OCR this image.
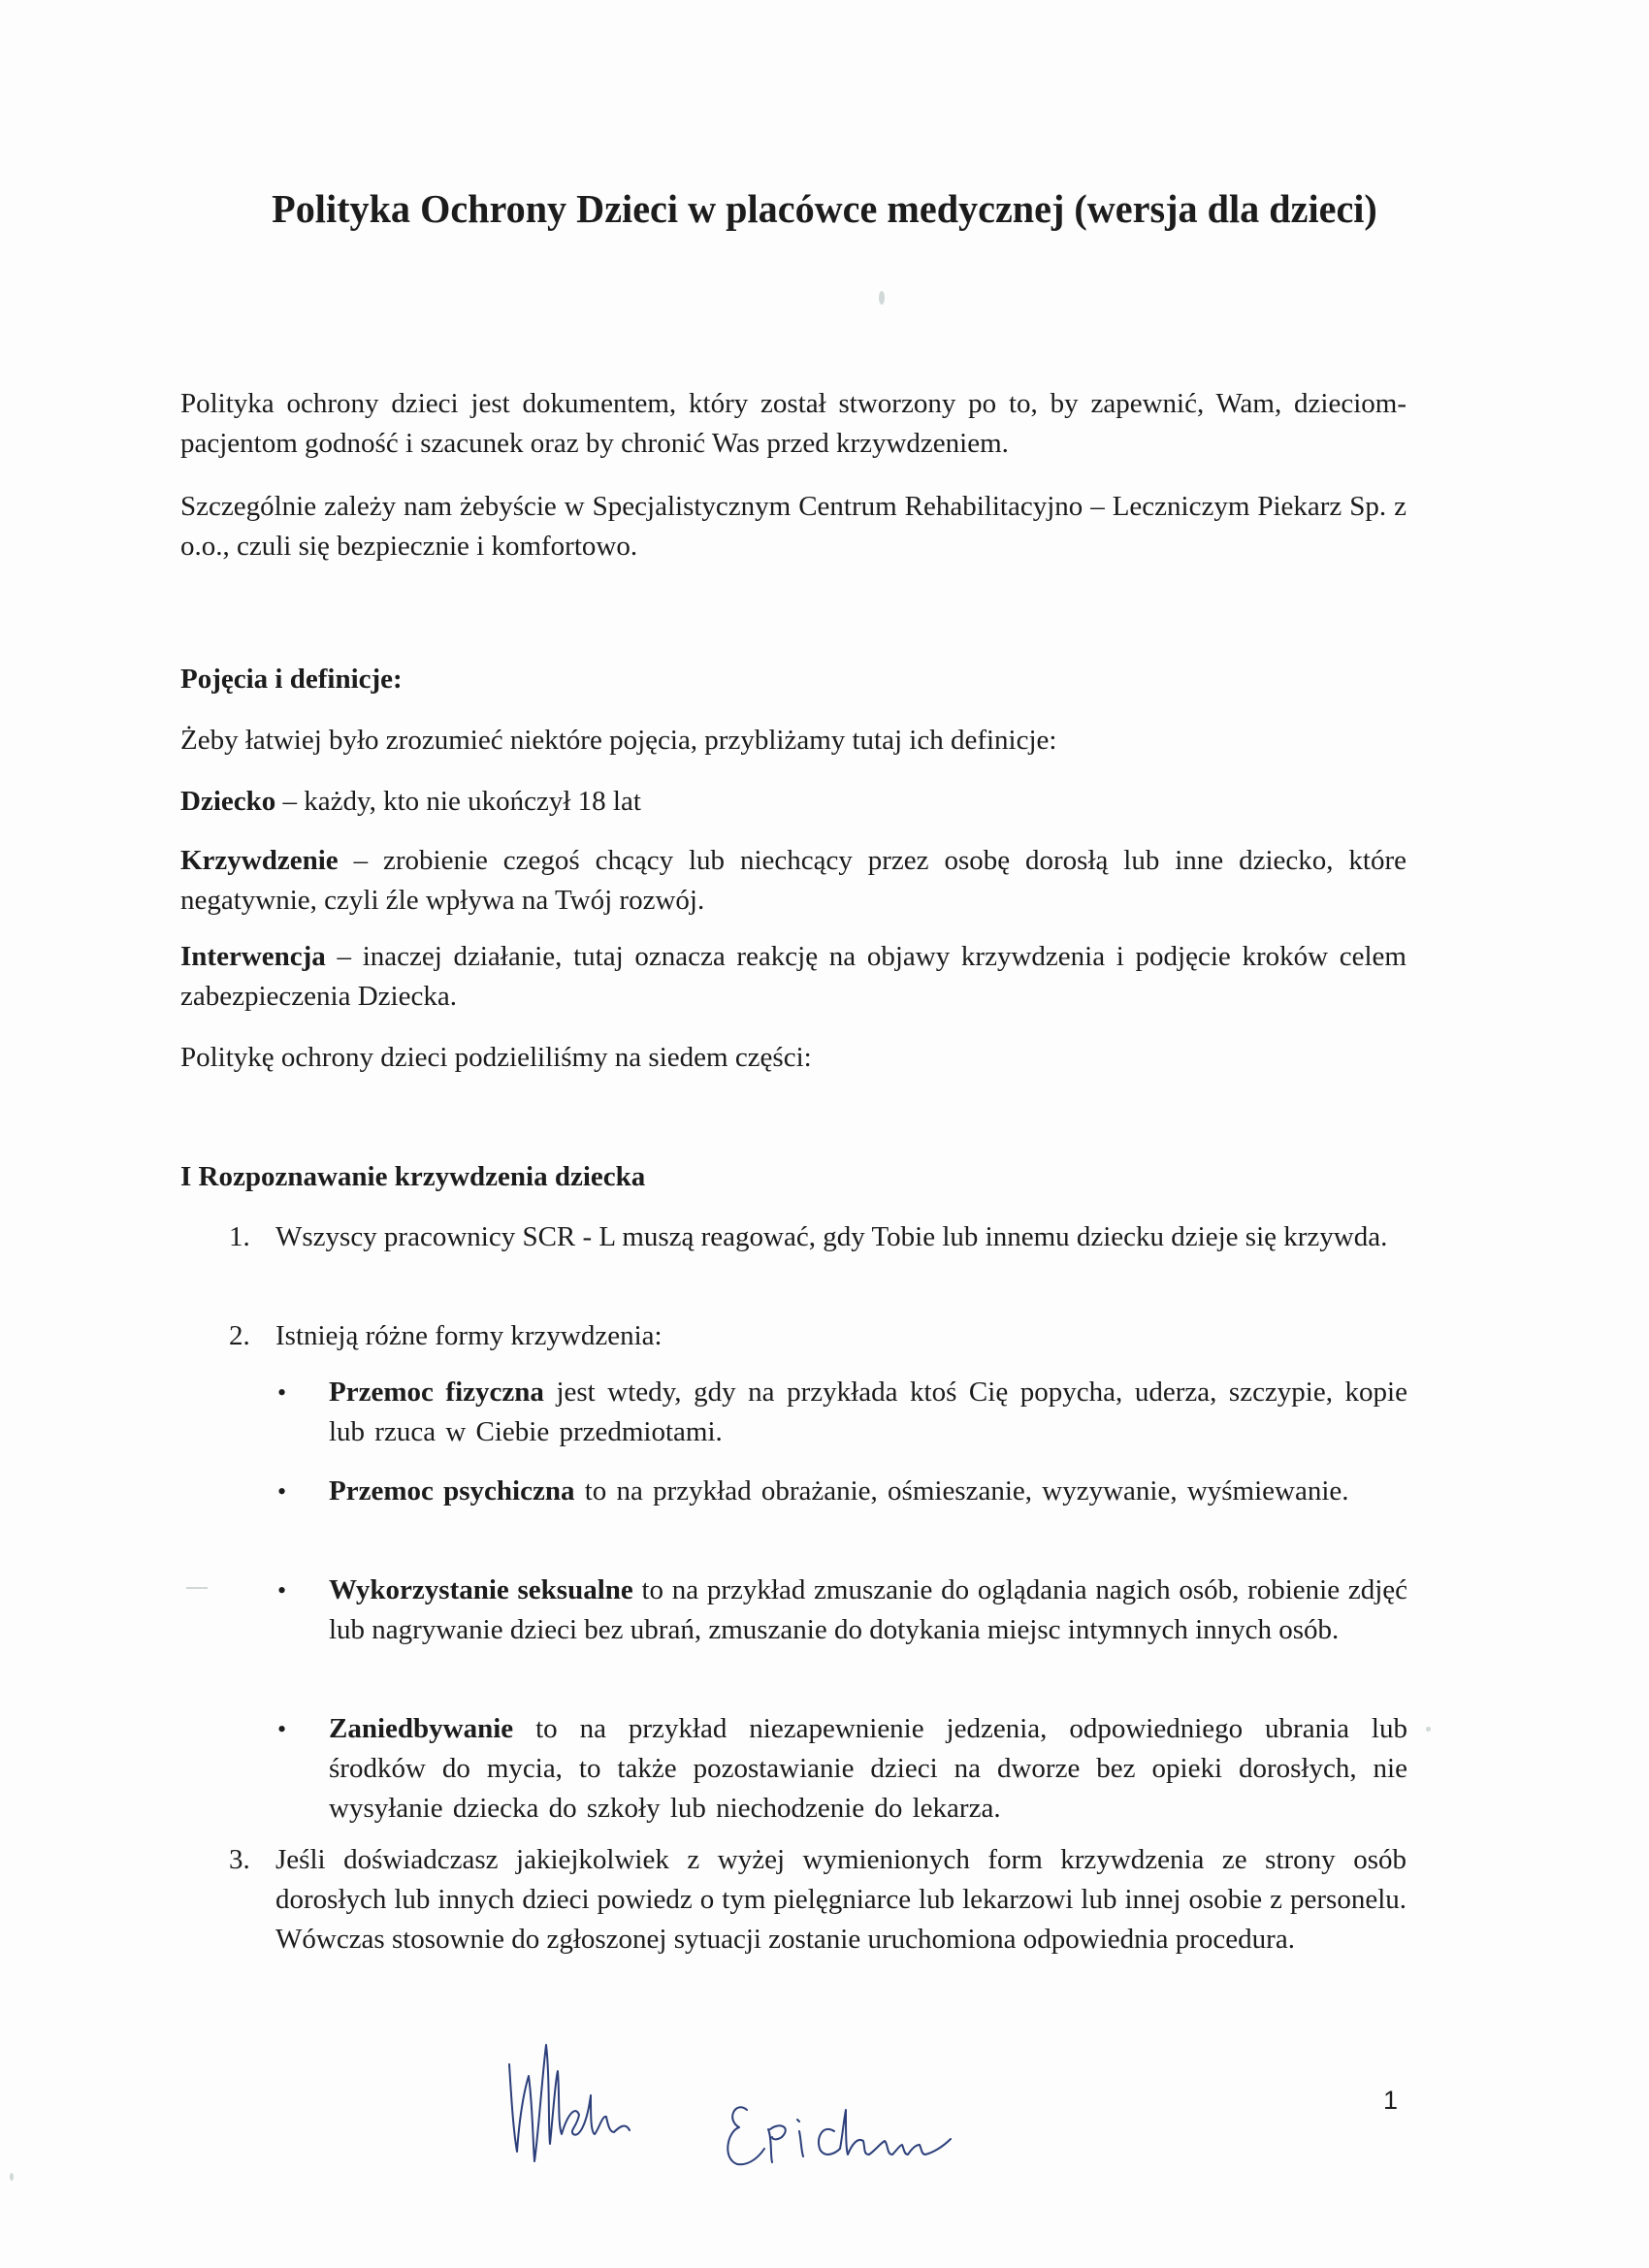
Polityka Ochrony Dzieci w placówce medycznej (wersja dla dzieci)

Polityka ochrony dzieci jest dokumentem, który został stworzony po to, by zapewnić, Wam, dzieciom-pacjentom godność i szacunek oraz by chronić Was przed krzywdzeniem.

Szczególnie zależy nam żebyście w Specjalistycznym Centrum Rehabilitacyjno – Leczniczym Piekarz Sp. z o.o., czuli się bezpiecznie i komfortowo.

Pojęcia i definicje:

Żeby łatwiej było zrozumieć niektóre pojęcia, przybliżamy tutaj ich definicje:

Dziecko – każdy, kto nie ukończył 18 lat

Krzywdzenie – zrobienie czegoś chcący lub niechcący przez osobę dorosłą lub inne dziecko, które negatywnie, czyli źle wpływa na Twój rozwój.

Interwencja – inaczej działanie, tutaj oznacza reakcję na objawy krzywdzenia i podjęcie kroków celem zabezpieczenia Dziecka.

Politykę ochrony dzieci podzieliliśmy na siedem części:

I Rozpoznawanie krzywdzenia dziecka
1. Wszyscy pracownicy SCR - L muszą reagować, gdy Tobie lub innemu dziecku dzieje się krzywda.
2. Istnieją różne formy krzywdzenia:
•	Przemoc fizyczna jest wtedy, gdy na przykłada ktoś Cię popycha, uderza, szczypie, kopie lub rzuca w Ciebie przedmiotami.
•	Przemoc psychiczna to na przykład obrażanie, ośmieszanie, wyzywanie, wyśmiewanie.
•	Wykorzystanie seksualne to na przykład zmuszanie do oglądania nagich osób, robienie zdjęć lub nagrywanie dzieci bez ubrań, zmuszanie do dotykania miejsc intymnych innych osób.
•	Zaniedbywanie to na przykład niezapewnienie jedzenia, odpowiedniego ubrania lub środków do mycia, to także pozostawianie dzieci na dworze bez opieki dorosłych, nie wysyłanie dziecka do szkoły lub niechodzenie do lekarza.
3. Jeśli doświadczasz jakiejkolwiek z wyżej wymienionych form krzywdzenia ze strony osób dorosłych lub innych dzieci powiedz o tym pielęgniarce lub lekarzowi lub innej osobie z personelu. Wówczas stosownie do zgłoszonej sytuacji zostanie uruchomiona odpowiednia procedura.
1
